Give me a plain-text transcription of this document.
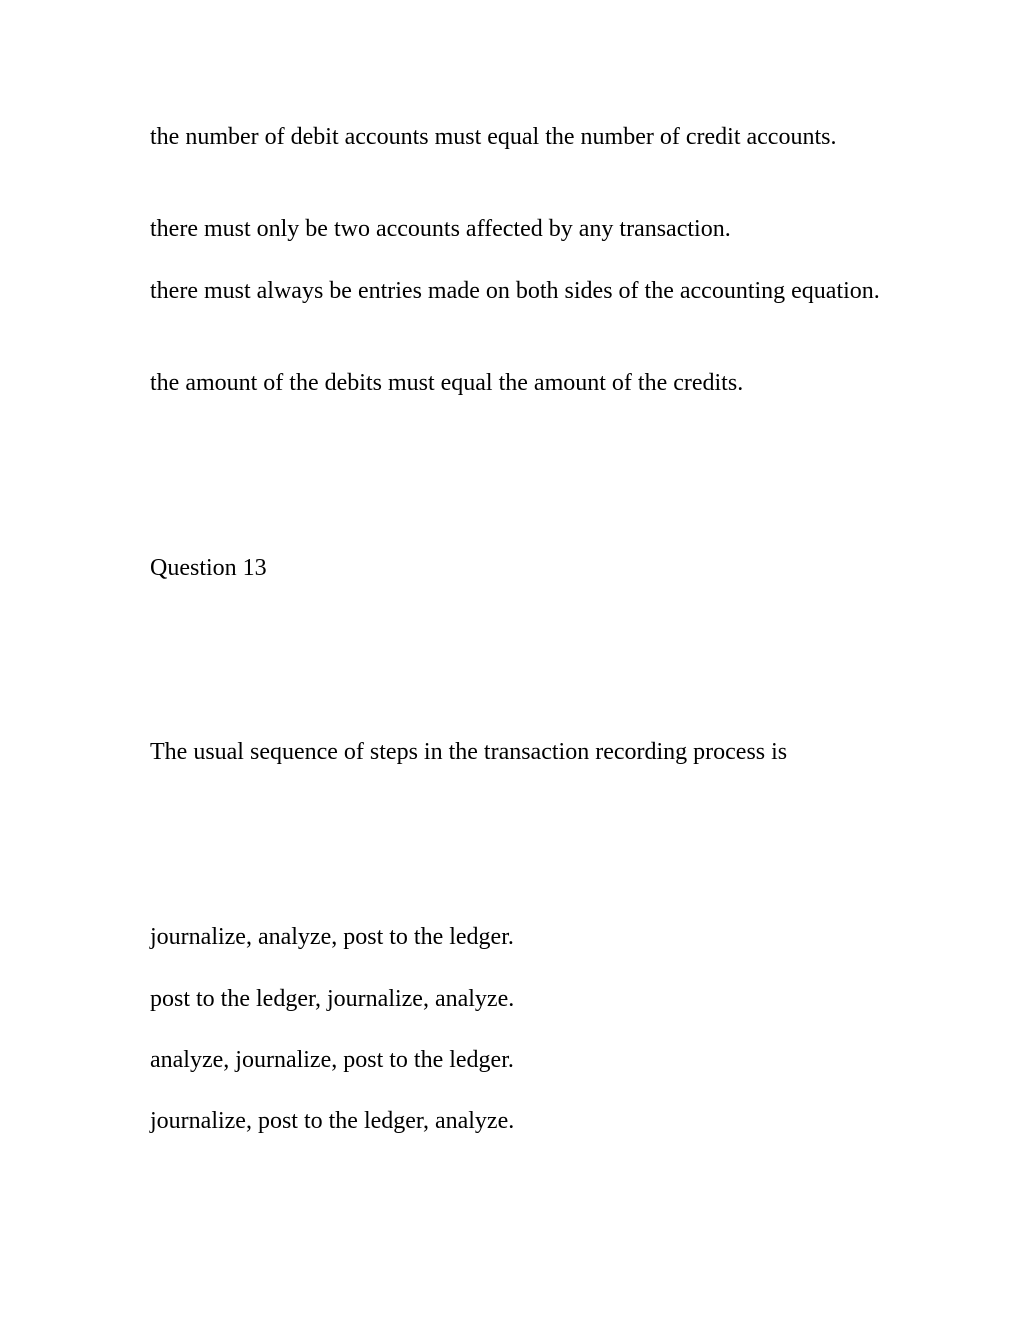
the number of debit accounts must equal the number of credit accounts.

there must only be two accounts affected by any transaction.

there must always be entries made on both sides of the accounting equation.

the amount of the debits must equal the amount of the credits.

Question 13

The usual sequence of steps in the transaction recording process is

journalize, analyze, post to the ledger.

post to the ledger, journalize, analyze.

analyze, journalize, post to the ledger.

journalize, post to the ledger, analyze.
